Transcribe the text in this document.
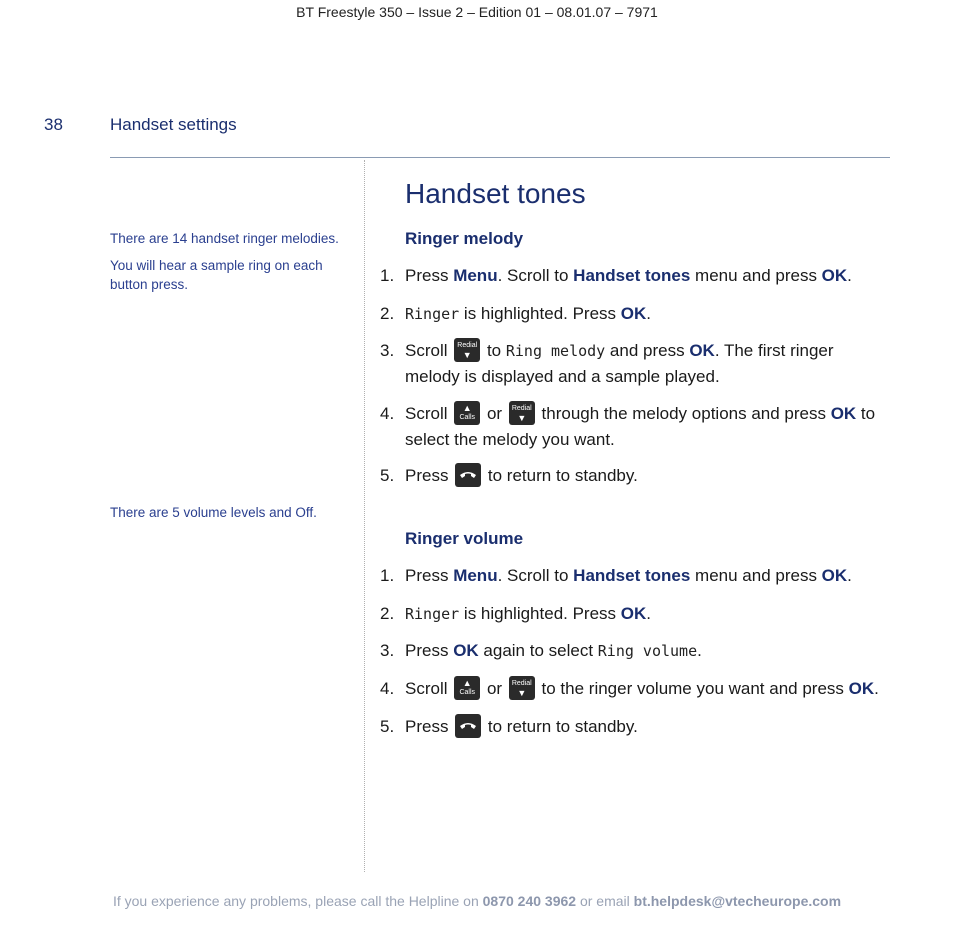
BT Freestyle 350 – Issue 2 – Edition 01 – 08.01.07 – 7971
38	Handset settings
There are 14 handset ringer melodies.
You will hear a sample ring on each button press.
There are 5 volume levels and Off.
Handset tones
Ringer melody
1. Press Menu. Scroll to Handset tones menu and press OK.
2. Ringer is highlighted. Press OK.
3. Scroll Redial
▼ to Ring melody and press OK. The first ringer melody is displayed and a sample played.
4. Scroll	▲
Calls or Redial
▼ through the melody options and press OK to select the melody you want.
5. Press
to return to standby.
Ringer volume
1. Press Menu. Scroll to Handset tones menu and press OK.
2. Ringer is highlighted. Press OK.
3. Press OK again to select Ring volume.
4. Scroll	▲
Calls or Redial
▼ to the ringer volume you want and press OK.
5. Press
to return to standby.
If you experience any problems, please call the Helpline on 0870 240 3962 or email bt.helpdesk@vtecheurope.com
